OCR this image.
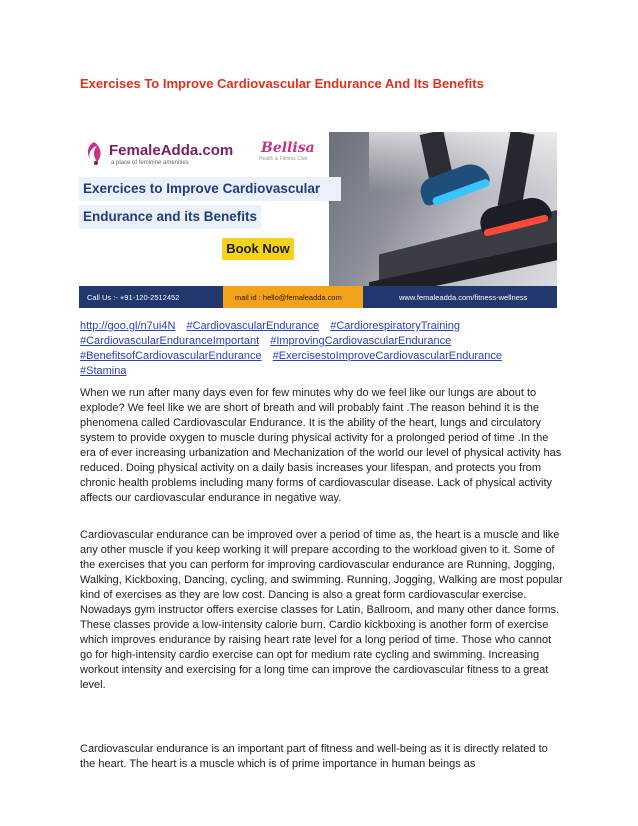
Exercises To Improve Cardiovascular Endurance And Its Benefits
FemaleAdda.com
a place of feminine amenities
Bellisa
Health & Fitness Club
Exercices to Improve Cardiovascular
Endurance and its Benefits
Book Now
Call Us :- +91-120-2512452	mail id : hello@femaleadda.com	www.femaleadda.com/fitness-wellness
http://goo.gl/n7ui4N #CardiovascularEndurance #CardiorespiratoryTraining
#CardiovascularEnduranceImportant #ImprovingCardiovascularEndurance
#BenefitsofCardiovascularEndurance #ExercisestoImproveCardiovascularEndurance
#Stamina

When we run after many days even for few minutes why do we feel like our lungs are about to explode? We feel like we are short of breath and will probably faint .The reason behind it is the phenomena called Cardiovascular Endurance. It is the ability of the heart, lungs and circulatory system to provide oxygen to muscle during physical activity for a prolonged period of time .In the era of ever increasing urbanization and Mechanization of the world our level of physical activity has reduced. Doing physical activity on a daily basis increases your lifespan, and protects you from chronic health problems including many forms of cardiovascular disease. Lack of physical activity affects our cardiovascular endurance in negative way.

Cardiovascular endurance can be improved over a period of time as, the heart is a muscle and like any other muscle if you keep working it will prepare according to the workload given to it. Some of the exercises that you can perform for improving cardiovascular endurance are Running, Jogging, Walking, Kickboxing, Dancing, cycling, and swimming. Running, Jogging, Walking are most popular kind of exercises as they are low cost. Dancing is also a great form cardiovascular exercise. Nowadays gym instructor offers exercise classes for Latin, Ballroom, and many other dance forms. These classes provide a low-intensity calorie burn. Cardio kickboxing is another form of exercise which improves endurance by raising heart rate level for a long period of time. Those who cannot go for high-intensity cardio exercise can opt for medium rate cycling and swimming. Increasing workout intensity and exercising for a long time can improve the cardiovascular fitness to a great level.

Cardiovascular endurance is an important part of fitness and well-being as it is directly related to the heart. The heart is a muscle which is of prime importance in human beings as
